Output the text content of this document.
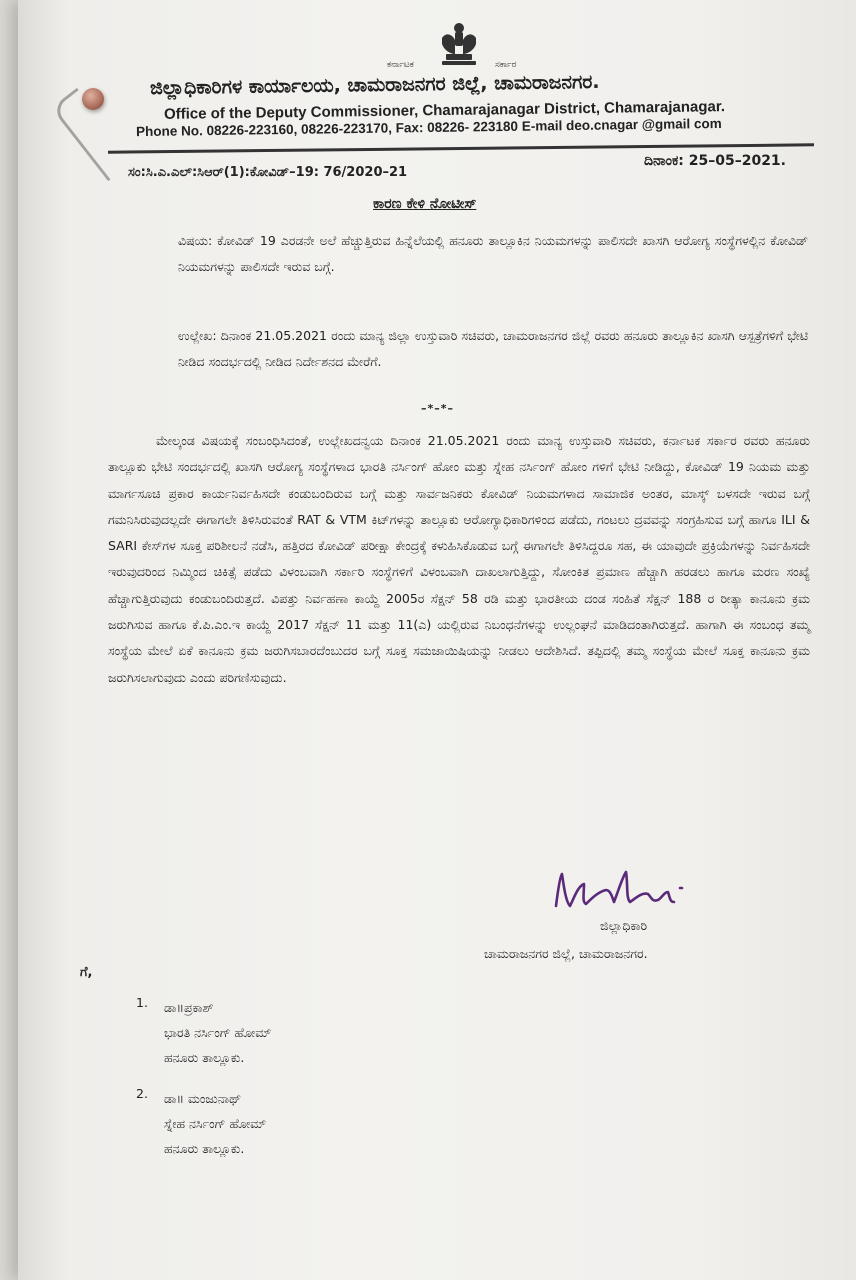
ಕರ್ನಾಟಕ	ಸರ್ಕಾರ
ಜಿಲ್ಲಾಧಿಕಾರಿಗಳ ಕಾರ್ಯಾಲಯ, ಚಾಮರಾಜನಗರ ಜಿಲ್ಲೆ, ಚಾಮರಾಜನಗರ.
Office of the Deputy Commissioner, Chamarajanagar District, Chamarajanagar.
Phone No. 08226-223160, 08226-223170, Fax: 08226- 223180 E-mail deo.cnagar @gmail com
ಸಂ:ಸಿ.ಎ.ಎಲ್:ಸಿಆರ್(1):ಕೋವಿಡ್–19: 76/2020–21
ದಿನಾಂಕ: 25–05–2021.
ಕಾರಣ ಕೇಳಿ ನೋಟೀಸ್
ವಿಷಯ: ಕೋವಿಡ್ 19 ಎರಡನೇ ಅಲೆ ಹೆಚ್ಚುತ್ತಿರುವ ಹಿನ್ನೆಲೆಯಲ್ಲಿ ಹನೂರು ತಾಲ್ಲೂಕಿನ ನಿಯಮಗಳನ್ನು ಪಾಲಿಸದೇ ಖಾಸಗಿ ಆರೋಗ್ಯ ಸಂಸ್ಥೆಗಳಲ್ಲಿನ ಕೋವಿಡ್ ನಿಯಮಗಳನ್ನು ಪಾಲಿಸದೇ ಇರುವ ಬಗ್ಗೆ.
ಉಲ್ಲೇಖ: ದಿನಾಂಕ 21.05.2021 ರಂದು ಮಾನ್ಯ ಜಿಲ್ಲಾ ಉಸ್ತುವಾರಿ ಸಚಿವರು, ಚಾಮರಾಜನಗರ ಜಿಲ್ಲೆ ರವರು ಹನೂರು ತಾಲ್ಲೂಕಿನ ಖಾಸಗಿ ಆಸ್ಪತ್ರೆಗಳಿಗೆ ಭೇಟಿ ನೀಡಿದ ಸಂದರ್ಭದಲ್ಲಿ ನೀಡಿದ ನಿರ್ದೇಶನದ ಮೇರೆಗೆ.
–*–*–
ಮೇಲ್ಕಂಡ ವಿಷಯಕ್ಕೆ ಸಂಬಂಧಿಸಿದಂತೆ, ಉಲ್ಲೇಖದನ್ವಯ ದಿನಾಂಕ 21.05.2021 ರಂದು ಮಾನ್ಯ ಉಸ್ತುವಾರಿ ಸಚಿವರು, ಕರ್ನಾಟಕ ಸರ್ಕಾರ ರವರು ಹನೂರು ತಾಲ್ಲೂಕು ಭೇಟಿ ಸಂದರ್ಭದಲ್ಲಿ ಖಾಸಗಿ ಆರೋಗ್ಯ ಸಂಸ್ಥೆಗಳಾದ ಭಾರತಿ ನರ್ಸಿಂಗ್ ಹೋಂ ಮತ್ತು ಸ್ನೇಹ ನರ್ಸಿಂಗ್ ಹೋಂ ಗಳಿಗೆ ಭೇಟಿ ನೀಡಿದ್ದು, ಕೋವಿಡ್ 19 ನಿಯಮ ಮತ್ತು ಮಾರ್ಗಸೂಚಿ ಪ್ರಕಾರ ಕಾರ್ಯನಿರ್ವಹಿಸದೇ ಕಂಡುಬಂದಿರುವ ಬಗ್ಗೆ ಮತ್ತು ಸಾರ್ವಜನಿಕರು ಕೋವಿಡ್ ನಿಯಮಗಳಾದ ಸಾಮಾಜಿಕ ಅಂತರ, ಮಾಸ್ಕ್ ಬಳಸದೇ ಇರುವ ಬಗ್ಗೆ ಗಮನಿಸಿರುವುದಲ್ಲದೇ ಈಗಾಗಲೇ ತಿಳಿಸಿರುವಂತೆ RAT & VTM ಕಿಟ್‌ಗಳನ್ನು ತಾಲ್ಲೂಕು ಆರೋಗ್ಯಾಧಿಕಾರಿಗಳಿಂದ ಪಡೆದು, ಗಂಟಲು ದ್ರವವನ್ನು ಸಂಗ್ರಹಿಸುವ ಬಗ್ಗೆ ಹಾಗೂ ILI & SARI ಕೇಸ್‌ಗಳ ಸೂಕ್ತ ಪರಿಶೀಲನೆ ನಡೆಸಿ, ಹತ್ತಿರದ ಕೋವಿಡ್ ಪರೀಕ್ಷಾ ಕೇಂದ್ರಕ್ಕೆ ಕಳುಹಿಸಿಕೊಡುವ ಬಗ್ಗೆ ಈಗಾಗಲೇ ತಿಳಿಸಿದ್ದರೂ ಸಹ, ಈ ಯಾವುದೇ ಪ್ರಕ್ರಿಯೆಗಳನ್ನು ನಿರ್ವಹಿಸದೇ ಇರುವುದರಿಂದ ನಿಮ್ಮಿಂದ ಚಿಕಿತ್ಸೆ ಪಡೆದು ವಿಳಂಬವಾಗಿ ಸರ್ಕಾರಿ ಸಂಸ್ಥೆಗಳಿಗೆ ವಿಳಂಬವಾಗಿ ದಾಖಲಾಗುತ್ತಿದ್ದು, ಸೋಂಕಿತ ಪ್ರಮಾಣ ಹೆಚ್ಚಾಗಿ ಹರಡಲು ಹಾಗೂ ಮರಣ ಸಂಖ್ಯೆ ಹೆಚ್ಚಾಗುತ್ತಿರುವುದು ಕಂಡುಬಂದಿರುತ್ತದೆ. ವಿಪತ್ತು ನಿರ್ವಹಣಾ ಕಾಯ್ದೆ 2005ರ ಸೆಕ್ಷನ್ 58 ರಡಿ ಮತ್ತು ಭಾರತೀಯ ದಂಡ ಸಂಹಿತೆ ಸೆಕ್ಷನ್ 188 ರ ರೀತ್ಯಾ ಕಾನೂನು ಕ್ರಮ ಜರುಗಿಸುವ ಹಾಗೂ ಕೆ.ಪಿ.ಎಂ.ಇ ಕಾಯ್ದೆ 2017 ಸೆಕ್ಷನ್ 11 ಮತ್ತು 11(ಎ) ಯಲ್ಲಿರುವ ನಿಬಂಧನೆಗಳನ್ನು ಉಲ್ಲಂಘನೆ ಮಾಡಿದಂತಾಗಿರುತ್ತದೆ. ಹಾಗಾಗಿ ಈ ಸಂಬಂಧ ತಮ್ಮ ಸಂಸ್ಥೆಯ ಮೇಲೆ ಏಕೆ ಕಾನೂನು ಕ್ರಮ ಜರುಗಿಸಬಾರದೆಂಬುದರ ಬಗ್ಗೆ ಸೂಕ್ತ ಸಮಜಾಯಿಷಿಯನ್ನು ನೀಡಲು ಆದೇಶಿಸಿದೆ. ತಪ್ಪಿದಲ್ಲಿ ತಮ್ಮ ಸಂಸ್ಥೆಯ ಮೇಲೆ ಸೂಕ್ತ ಕಾನೂನು ಕ್ರಮ ಜರುಗಿಸಲಾಗುವುದು ಎಂದು ಪರಿಗಣಿಸುವುದು.
ಜಿಲ್ಲಾಧಿಕಾರಿ
ಚಾಮರಾಜನಗರ ಜಿಲ್ಲೆ, ಚಾಮರಾಜನಗರ.
ಗೆ,
1. ಡಾ॥ಪ್ರಕಾಶ್
ಭಾರತಿ ನರ್ಸಿಂಗ್ ಹೋಮ್
ಹನೂರು ತಾಲ್ಲೂಕು.
2. ಡಾ॥ ಮಂಜುನಾಥ್
ಸ್ನೇಹ ನರ್ಸಿಂಗ್ ಹೋಮ್
ಹನೂರು ತಾಲ್ಲೂಕು.
